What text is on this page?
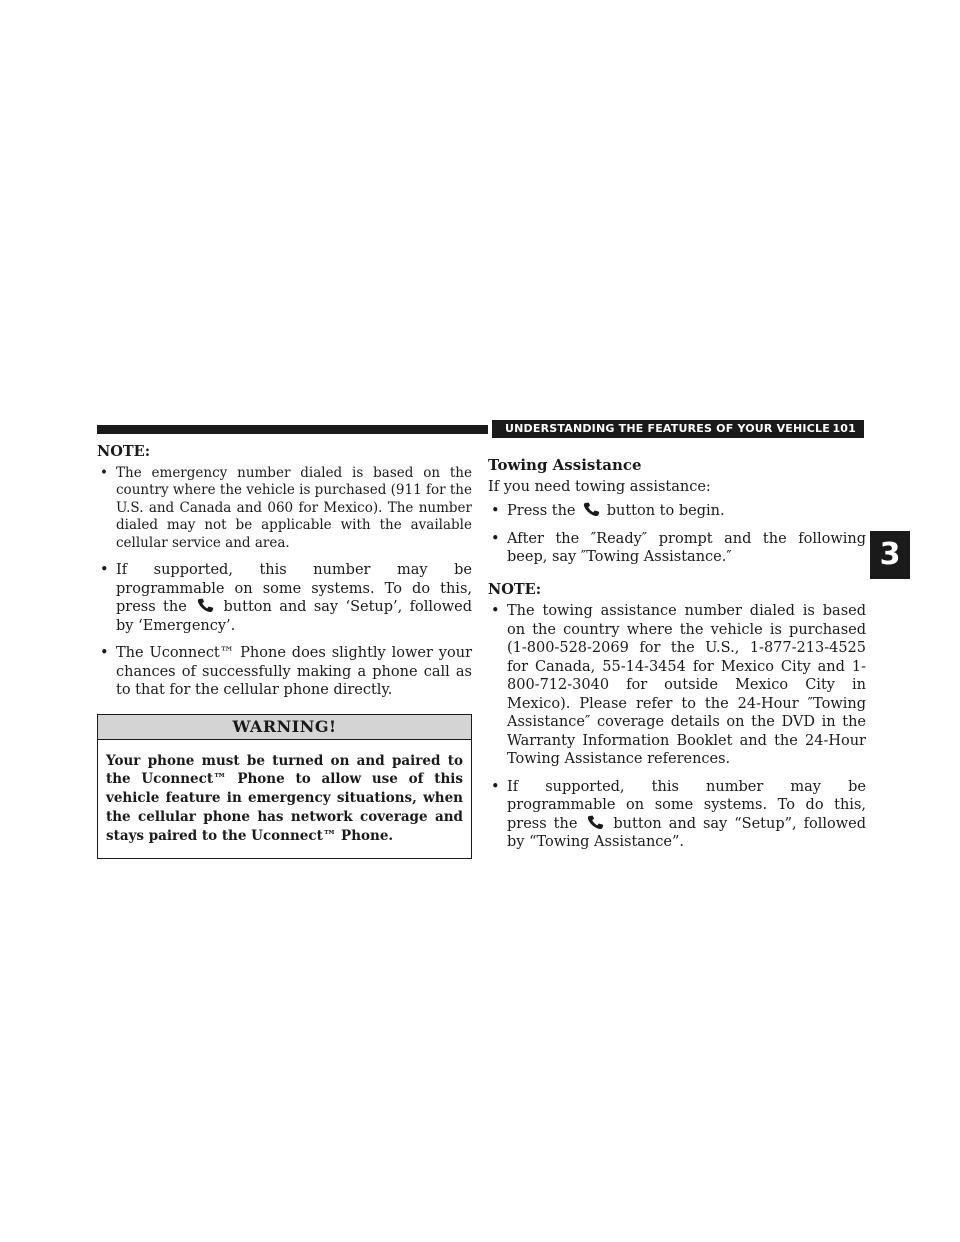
UNDERSTANDING THE FEATURES OF YOUR VEHICLE 101
3
NOTE:
• The emergency number dialed is based on the country where the vehicle is purchased (911 for the U.S. and Canada and 060 for Mexico). The number dialed may not be applicable with the available cellular service and area.
• If supported, this number may be programmable on some systems. To do this, press the	button and say ‘Setup’, followed by ‘Emergency’.
• The Uconnect™ Phone does slightly lower your chances of successfully making a phone call as to that for the cellular phone directly.
WARNING!
Your phone must be turned on and paired to the Uconnect™ Phone to allow use of this vehicle feature in emergency situations, when the cellular phone has network coverage and stays paired to the Uconnect™ Phone.
Towing Assistance
If you need towing assistance:
• Press the button to begin.
• After the ″Ready″ prompt and the following beep, say ″Towing Assistance.″
NOTE:
• The towing assistance number dialed is based on the country where the vehicle is purchased (1-800-528-2069 for the U.S., 1-877-213-4525 for Canada, 55-14-3454 for Mexico City and 1-800-712-3040 for outside Mexico City in Mexico). Please refer to the 24-Hour ″Towing Assistance″ coverage details on the DVD in the Warranty Information Booklet and the 24-Hour Towing Assistance references.
• If supported, this number may be programmable on some systems. To do this, press the button and say “Setup”, followed by “Towing Assistance”.
